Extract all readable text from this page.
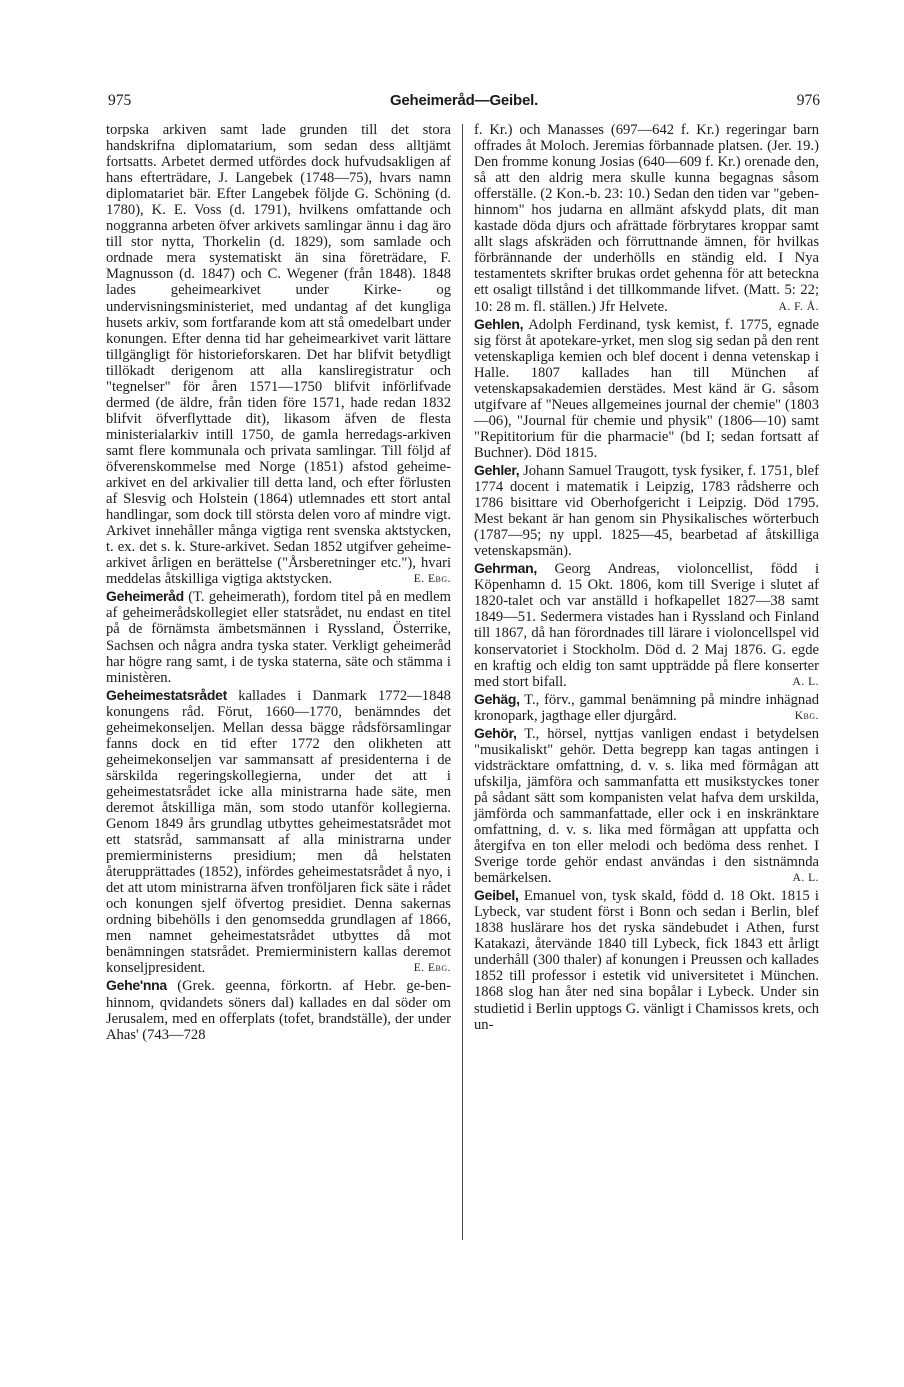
975	Geheimeråd—Geibel.	976

torpska arkiven samt lade grunden till det stora handskrifna diplomatarium, som sedan dess alltjämt fortsatts. Arbetet dermed utfördes dock hufvudsakligen af hans efterträdare, J. Langebek (1748—75), hvars namn diplomatariet bär. Efter Langebek följde G. Schöning (d. 1780), K. E. Voss (d. 1791), hvilkens omfattande och noggranna arbeten öfver arkivets samlingar ännu i dag äro till stor nytta, Thorkelin (d. 1829), som samlade och ordnade mera systematiskt än sina företrädare, F. Magnusson (d. 1847) och C. Wegener (från 1848). 1848 lades geheimearkivet under Kirke- og undervisningsministeriet, med undantag af det kungliga husets arkiv, som fortfarande kom att stå omedelbart under konungen. Efter denna tid har geheimearkivet varit lättare tillgängligt för historieforskaren. Det har blifvit betydligt tillökadt derigenom att alla kansliregistratur och "tegnelser" för åren 1571—1750 blifvit införlifvade dermed (de äldre, från tiden före 1571, hade redan 1832 blifvit öfverflyttade dit), likasom äfven de flesta ministerialarkiv intill 1750, de gamla herredags-arkiven samt flere kommunala och privata samlingar. Till följd af öfverenskommelse med Norge (1851) afstod geheime-arkivet en del arkivalier till detta land, och efter förlusten af Slesvig och Holstein (1864) utlemnades ett stort antal handlingar, som dock till största delen voro af mindre vigt. Arkivet innehåller många vigtiga rent svenska aktstycken, t. ex. det s. k. Sture-arkivet. Sedan 1852 utgifver geheime-arkivet årligen en berättelse ("Årsberetninger etc."), hvari meddelas åtskilliga vigtiga aktstycken.	E. Ebg.

Geheimeråd (T. geheimerath), fordom titel på en medlem af geheimerådskollegiet eller statsrådet, nu endast en titel på de förnämsta ämbetsmännen i Ryssland, Österrike, Sachsen och några andra tyska stater. Verkligt geheimeråd har högre rang samt, i de tyska staterna, säte och stämma i ministèren.

Geheimestatsrådet kallades i Danmark 1772—1848 konungens råd. Förut, 1660—1770, benämndes det geheimekonseljen. Mellan dessa bägge rådsförsamlingar fanns dock en tid efter 1772 den olikheten att geheimekonseljen var sammansatt af presidenterna i de särskilda regeringskollegierna, under det att i geheimestatsrådet icke alla ministrarna hade säte, men deremot åtskilliga män, som stodo utanför kollegierna. Genom 1849 års grundlag utbyttes geheimestatsrådet mot ett statsråd, sammansatt af alla ministrarna under premierministerns presidium; men då helstaten återupprättades (1852), infördes geheimestatsrådet å nyo, i det att utom ministrarna äfven tronföljaren fick säte i rådet och konungen sjelf öfvertog presidiet. Denna sakernas ordning bibehölls i den genomsedda grundlagen af 1866, men namnet geheimestatsrådet utbyttes då mot benämningen statsrådet. Premierministern kallas deremot konseljpresident.	E. Ebg.

Gehe'nna (Grek. geenna, förkortn. af Hebr. ge-ben-hinnom, qvidandets söners dal) kallades en dal söder om Jerusalem, med en offerplats (tofet, brandställe), der under Ahas' (743—728

f. Kr.) och Manasses (697—642 f. Kr.) regeringar barn offrades åt Moloch. Jeremias förbannade platsen. (Jer. 19.) Den fromme konung Josias (640—609 f. Kr.) orenade den, så att den aldrig mera skulle kunna begagnas såsom offerställe. (2 Kon.-b. 23: 10.) Sedan den tiden var "geben-hinnom" hos judarna en allmänt afskydd plats, dit man kastade döda djurs och afrättade förbrytares kroppar samt allt slags afskräden och förruttnande ämnen, för hvilkas förbrännande der underhölls en ständig eld. I Nya testamentets skrifter brukas ordet gehenna för att beteckna ett osaligt tillstånd i det tillkommande lifvet. (Matt. 5: 22; 10: 28 m. fl. ställen.) Jfr Helvete.	A. F. Å.

Gehlen, Adolph Ferdinand, tysk kemist, f. 1775, egnade sig först åt apotekare-yrket, men slog sig sedan på den rent vetenskapliga kemien och blef docent i denna vetenskap i Halle. 1807 kallades han till München af vetenskapsakademien derstädes. Mest känd är G. såsom utgifvare af "Neues allgemeines journal der chemie" (1803—06), "Journal für chemie und physik" (1806—10) samt "Repititorium für die pharmacie" (bd I; sedan fortsatt af Buchner). Död 1815.

Gehler, Johann Samuel Traugott, tysk fysiker, f. 1751, blef 1774 docent i matematik i Leipzig, 1783 rådsherre och 1786 bisittare vid Oberhofgericht i Leipzig. Död 1795. Mest bekant är han genom sin Physikalisches wörterbuch (1787—95; ny uppl. 1825—45, bearbetad af åtskilliga vetenskapsmän).

Gehrman, Georg Andreas, violoncellist, född i Köpenhamn d. 15 Okt. 1806, kom till Sverige i slutet af 1820-talet och var anställd i hofkapellet 1827—38 samt 1849—51. Sedermera vistades han i Ryssland och Finland till 1867, då han förordnades till lärare i violoncellspel vid konservatoriet i Stockholm. Död d. 2 Maj 1876. G. egde en kraftig och eldig ton samt uppträdde på flere konserter med stort bifall.	A. L.

Gehäg, T., förv., gammal benämning på mindre inhägnad kronopark, jagthage eller djurgård.	Kbg.

Gehör, T., hörsel, nyttjas vanligen endast i betydelsen "musikaliskt" gehör. Detta begrepp kan tagas antingen i vidsträcktare omfattning, d. v. s. lika med förmågan att ufskilja, jämföra och sammanfatta ett musikstyckes toner på sådant sätt som kompanisten velat hafva dem urskilda, jämförda och sammanfattade, eller ock i en inskränktare omfattning, d. v. s. lika med förmågan att uppfatta och återgifva en ton eller melodi och bedöma dess renhet. I Sverige torde gehör endast användas i den sistnämnda bemärkelsen.	A. L.

Geibel, Emanuel von, tysk skald, född d. 18 Okt. 1815 i Lybeck, var student först i Bonn och sedan i Berlin, blef 1838 huslärare hos det ryska sändebudet i Athen, furst Katakazi, återvände 1840 till Lybeck, fick 1843 ett årligt underhåll (300 thaler) af konungen i Preussen och kallades 1852 till professor i estetik vid universitetet i München. 1868 slog han åter ned sina bopålar i Lybeck. Under sin studietid i Berlin upptogs G. vänligt i Chamissos krets, och un-
